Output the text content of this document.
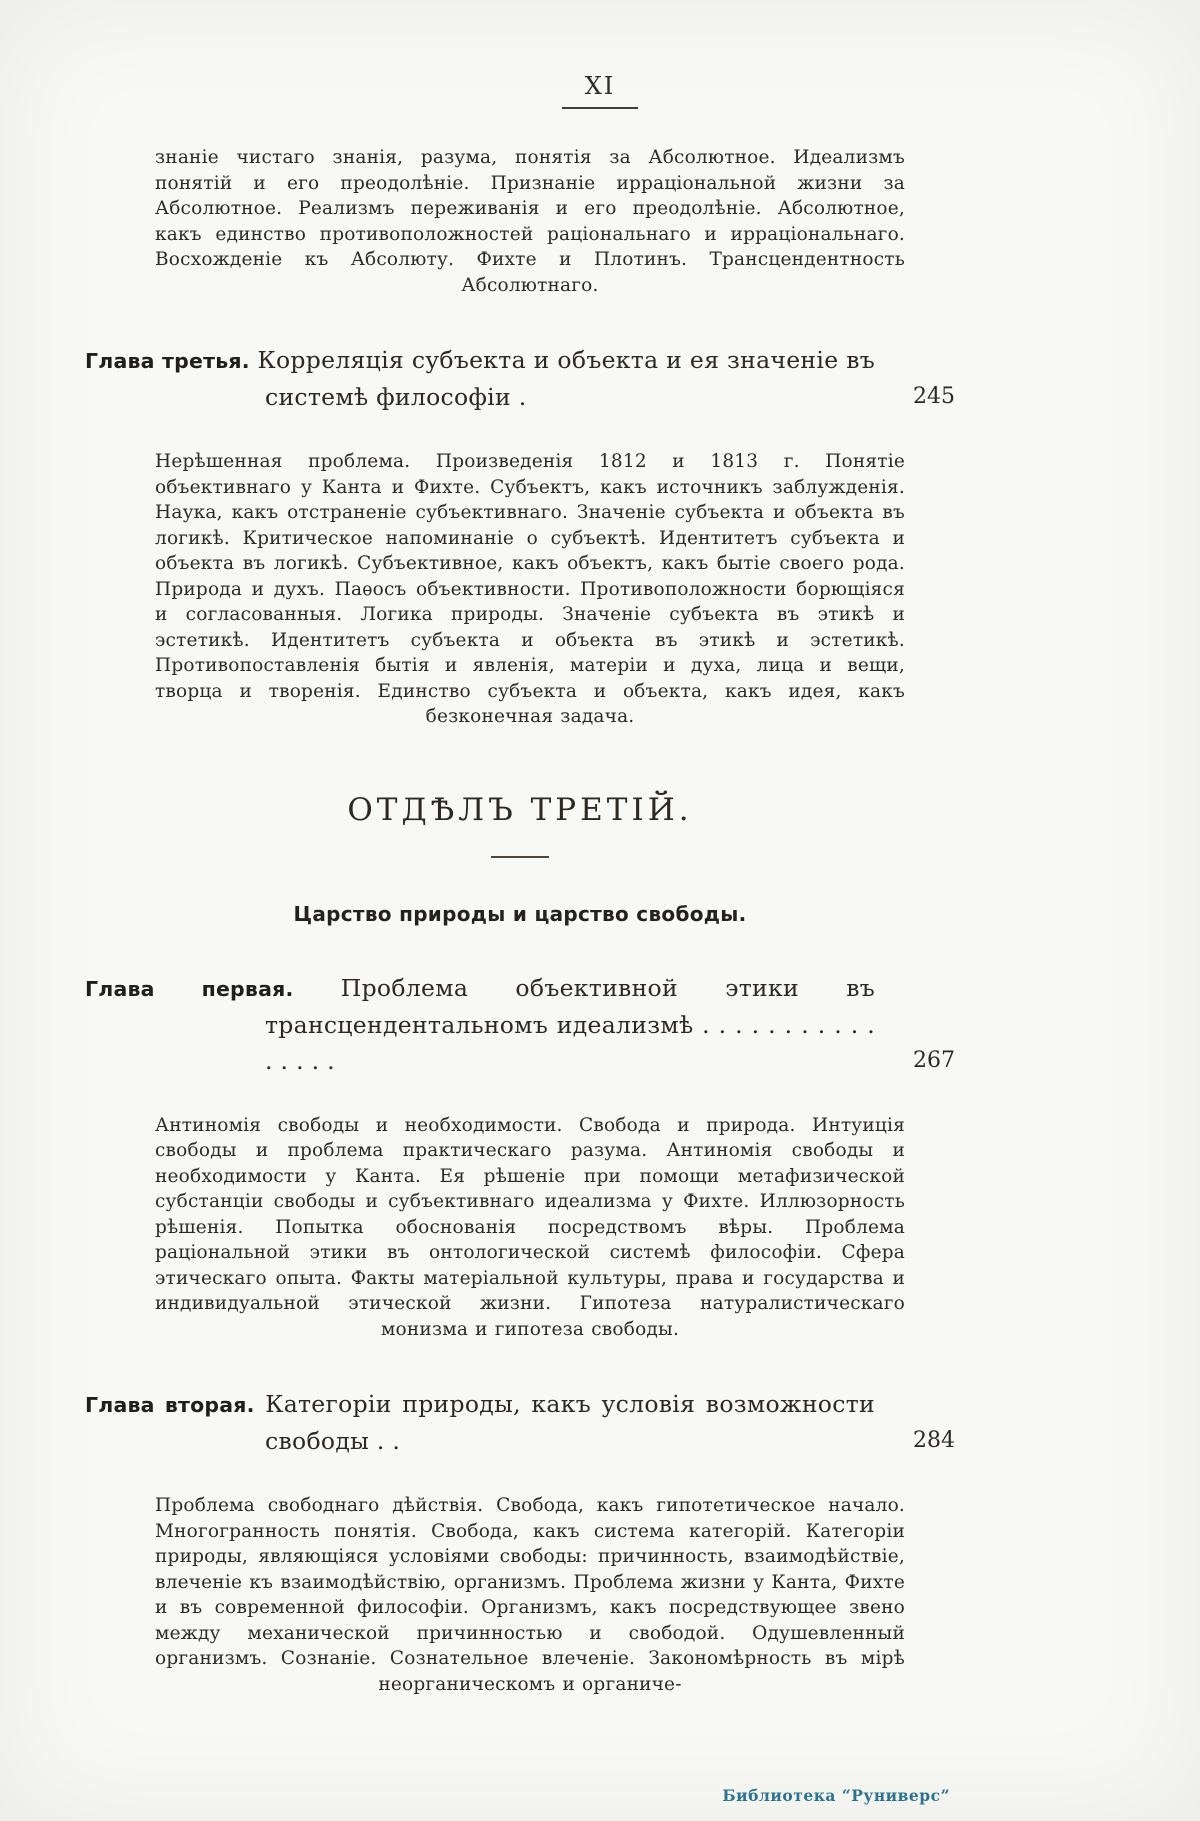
XI

знаніе чистаго знанія, разума, понятія за Абсолютное. Идеализмъ понятій и его преодолѣніе. Признаніе ирраціональной жизни за Абсолютное. Реализмъ переживанія и его преодолѣніе. Абсолютное, какъ единство противоположностей раціональнаго и ирраціональнаго. Восхожденіе къ Абсолюту. Фихте и Плотинъ. Трансцендентность Абсолютнаго.

Глава третья. Корреляція субъекта и объекта и ея значеніе въ системѣ философіи .	245

Нерѣшенная проблема. Произведенія 1812 и 1813 г. Понятіе объективнаго у Канта и Фихте. Субъектъ, какъ источникъ заблужденія. Наука, какъ отстраненіе субъективнаго. Значеніе субъекта и объекта въ логикѣ. Критическое напоминаніе о субъектѣ. Идентитетъ субъекта и объекта въ логикѣ. Субъективное, какъ объектъ, какъ бытіе своего рода. Природа и духъ. Паѳосъ объективности. Противоположности борющіяся и согласованныя. Логика природы. Значеніе субъекта въ этикѣ и эстетикѣ. Идентитетъ субъекта и объекта въ этикѣ и эстетикѣ. Противопоставленія бытія и явленія, матеріи и духа, лица и вещи, творца и творенія. Единство субъекта и объекта, какъ идея, какъ безконечная задача.

ОТДѢЛЪ ТРЕТІЙ.
Царство природы и царство свободы.

Глава первая. Проблема объективной этики въ трансцендентальномъ идеализмѣ . . . . . . . . . . . . . . . .	267

Антиномія свободы и необходимости. Свобода и природа. Интуиція свободы и проблема практическаго разума. Антиномія свободы и необходимости у Канта. Ея рѣшеніе при помощи метафизической субстанціи свободы и субъективнаго идеализма у Фихте. Иллюзорность рѣшенія. Попытка обоснованія посредствомъ вѣры. Проблема раціональной этики въ онтологической системѣ философіи. Сфера этическаго опыта. Факты матеріальной культуры, права и государства и индивидуальной этической жизни. Гипотеза натуралистическаго монизма и гипотеза свободы.

Глава вторая. Категоріи природы, какъ условія возможности свободы . .	284

Проблема свободнаго дѣйствія. Свобода, какъ гипотетическое начало. Многогранность понятія. Свобода, какъ система категорій. Категоріи природы, являющіяся условіями свободы: причинность, взаимодѣйствіе, влеченіе къ взаимодѣйствію, организмъ. Проблема жизни у Канта, Фихте и въ современной философіи. Организмъ, какъ посредствующее звено между механической причинностью и свободой. Одушевленный организмъ. Сознаніе. Сознательное влеченіе. Закономѣрность въ мірѣ неорганическомъ и органиче-

Библиотека “Руниверс”
